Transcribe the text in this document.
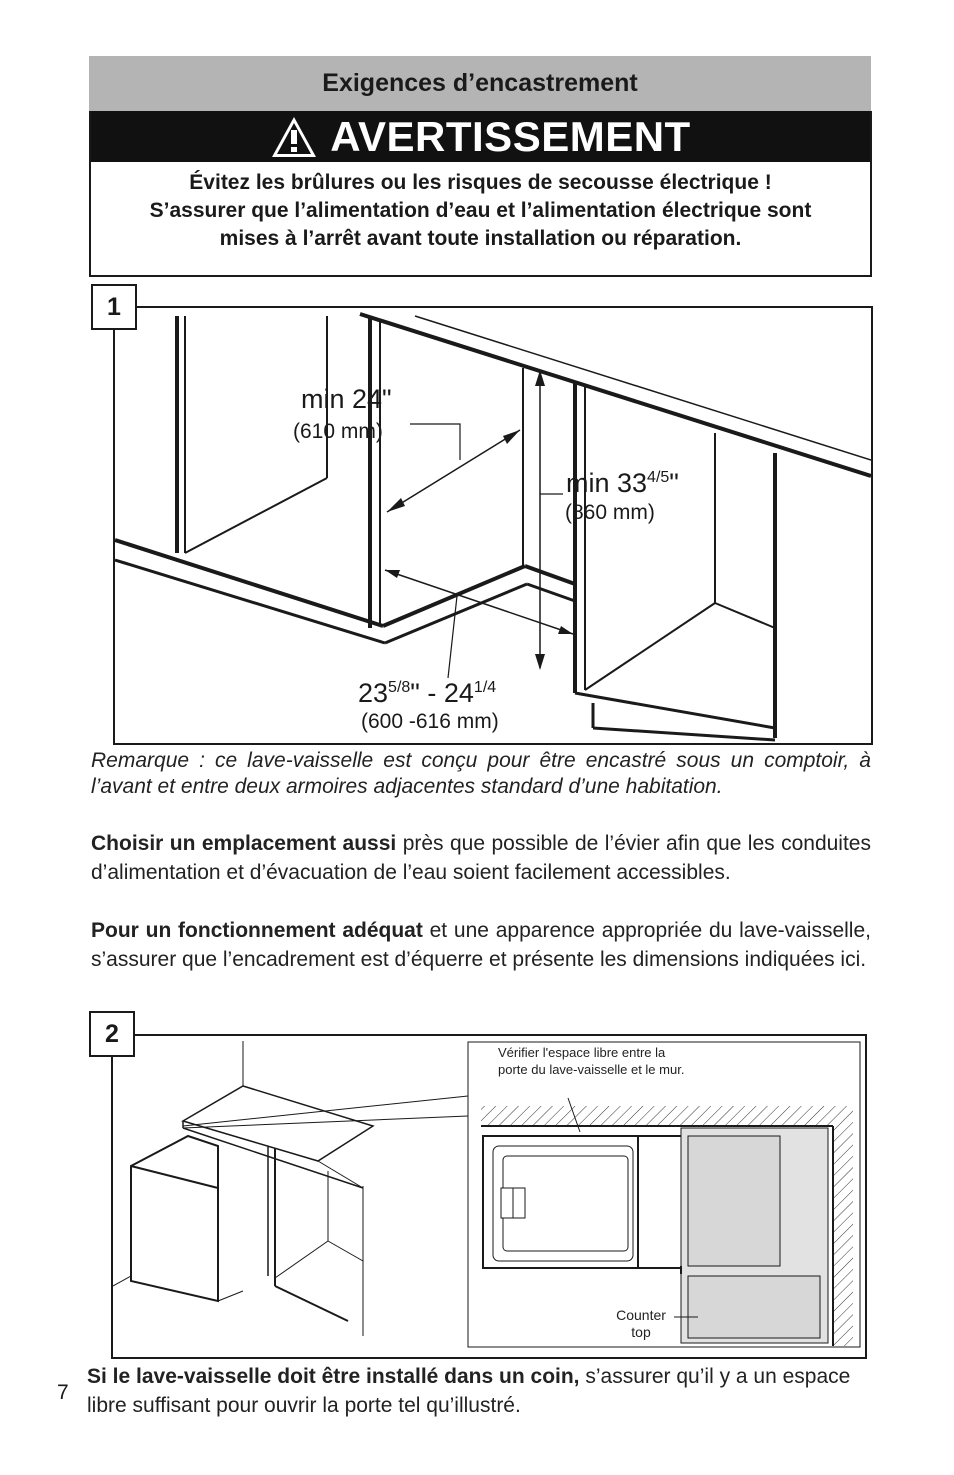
Exigences d’encastrement
AVERTISSEMENT
Évitez les brûlures ou les risques de secousse électrique !
S’assurer que l’alimentation d’eau et l’alimentation électrique sont
mises à l’arrêt avant toute installation ou réparation.
min 24"
(610 mm)
$\min 33^{4/5}$"
(860 mm)
$23^{5/8}$" - $24^{1/4}$
(600 -616 mm)
1
Remarque : ce lave-vaisselle est conçu pour être encastré sous un comptoir, à l’avant et entre deux armoires adjacentes standard d’une habitation.
Choisir un emplacement aussi près que possible de l’évier afin que les conduites d’alimentation et d’évacuation de l’eau soient facilement accessibles.
Pour un fonctionnement adéquat et une apparence appropriée du lave-vaisselle, s’assurer que l’encadrement est d’équerre et présente les dimensions indiquées ici.
Vérifier l'espace libre entre la porte du lave-vaisselle et le mur.
Counter
top
2
7
Si le lave-vaisselle doit être installé dans un coin, s’assurer qu’il y a un espace libre suffisant pour ouvrir la porte tel qu’illustré.
